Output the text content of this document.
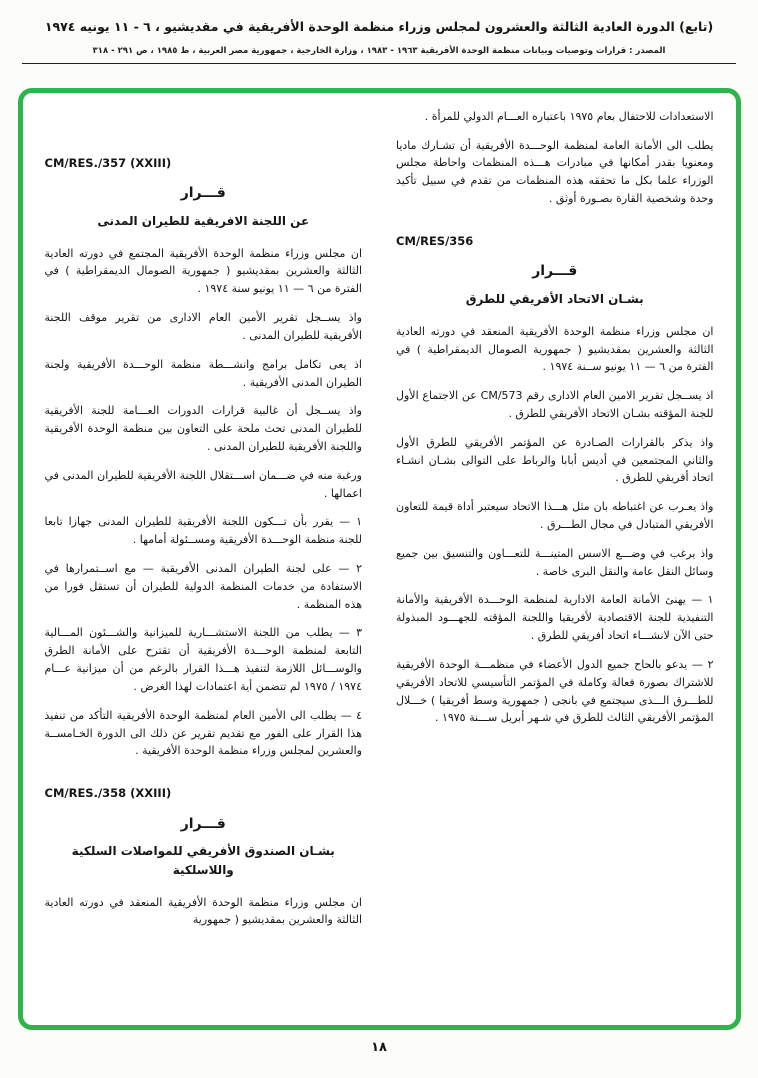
(تابع) الدورة العادية الثالثة والعشرون لمجلس وزراء منظمة الوحدة الأفريقية في مقديشيو ، ٦ - ١١ يونيه ١٩٧٤
المصدر : قرارات وتوصيات وبيانات منظمة الوحدة الأفريقية ١٩٦٣ - ١٩٨٣ ، وزارة الخارجية ، جمهورية مصر العربية ، ط ١٩٨٥ ، ص ٢٩١ - ٣١٨

الاستعدادات للاحتفال بعام ١٩٧٥ باعتباره العـــام الدولي للمرأة .

يطلب الى الأمانة العامة لمنظمة الوحـــدة الأفريقية أن تشـارك ماديا ومعنويا بقدر أمكانها في مبادرات هـــذه المنظمات واحاطة مجلس الوزراء علما بكل ما تحققه هذه المنظمات من تقدم في سبيل تأكيد وحدة وشخصية القارة بصـورة أوثق .

CM/RES/356
قـــرار
بشـان الاتحاد الأفريقي للطرق

ان مجلس وزراء منظمة الوحدة الأفريقية المنعقد في دورته العادية الثالثة والعشرين بمقديشيو ( جمهورية الصومال الديمقراطية ) في الفترة من ٦ — ١١ يونيو ســنة ١٩٧٤ .

اذ يســجل تقرير الامين العام الادارى رقم CM/573 عن الاجتماع الأول للجنة المؤقته بشـان الاتحاد الأفريقي للطرق .

واذ يذكر بالقرارات الصـادرة عن المؤتمر الأفريقي للطرق الأول والثاني المجتمعين في أديس أبابا والرباط على التوالى بشـان انشـاء اتحاد أفريقي للطرق .

واذ يعـرب عن اغتباطه بان مثل هـــذا الاتحاد سيعتبر أداة قيمة للتعاون الأفريقي المتبادل في مجال الطـــرق .

واذ يرغب في وضـــع الاسس المتينـــة للتعـــاون والتنسيق بين جميع وسائل النقل عامة والنقل البرى خاصة .

١ — يهنئ الأمانة العامة الادارية لمنظمة الوحـــدة الأفريقية والأمانة التنفيذية للجنة الاقتصادية لأفريقيا واللجنة المؤقته للجهـــود المبذولة حتى الآن لانشـــاء اتحاد أفريقي للطرق .

٢ — يدعو بالحاح جميع الدول الأعضاء في منظمـــة الوحدة الأفريقية للاشتراك بصورة فعالة وكاملة في المؤتمر التأسيسي للاتحاد الأفريقي للطـــرق الـــذى سيجتمع في بانجى ( جمهورية وسط أفريقيا ) خـــلال المؤتمر الأفريقي الثالث للطرق في شـهر أبريل ســـنة ١٩٧٥ .

CM/RES./357 (XXIII)
قـــرار
عن اللجنة الافريقية للطيران المدنى

ان مجلس وزراء منظمة الوحدة الأفريقية المجتمع في دورته العادية الثالثة والعشرين بمقديشيو ( جمهورية الصومال الديمقراطية ) في الفترة من ٦ — ١١ يونيو سنة ١٩٧٤ .

واذ يســجل تقرير الأمين العام الادارى من تقرير موقف اللجنة الأفريقية للطيران المدنى .

اذ يعى تكامل برامج وانشـــطة منظمة الوحـــدة الأفريقية ولجنة الطيران المدنى الأفريقية .

واذ يســجل أن غالبية قرارات الدورات العـــامة للجنة الأفريقية للطيران المدنى تحث ملحة على التعاون بين منظمة الوحدة الأفريقية واللجنة الأفريقية للطيران المدنى .

ورغبة منه في ضـــمان اســـتقلال اللجنة الأفريقية للطيران المدنى في اعمالها .

١ — يقرر بأن تـــكون اللجنة الأفريقية للطيران المدنى جهازا تابعا للجنة منظمة الوحـــدة الأفريقية ومســئولة أمامها .

٢ — على لجنة الطيران المدنى الأفريقية — مع اســتمرارها في الاستفادة من خدمات المنظمة الدولية للطيران أن تستقل فورا من هذه المنظمة .

٣ — يطلب من اللجنة الاستشـــارية للميزانية والشـــئون المـــالية التابعة لمنظمة الوحـــدة الأفريقية أن تقترح على الأمانة الطرق والوســـائل اللازمة لتنفيذ هـــذا القرار بالرغم من أن ميزانية عـــام ١٩٧٤ / ١٩٧٥ لم تتضمن أية اعتمادات لهذا الغرض .

٤ — يطلب الى الأمين العام لمنظمة الوحدة الأفريقية التأكد من تنفيذ هذا القرار على الفور مع تقديم تقرير عن ذلك الى الدورة الخـامســة والعشرين لمجلس وزراء منظمة الوحدة الأفريقية .

CM/RES./358 (XXIII)
قـــرار
بشـان الصندوق الأفريقي للمواصلات السلكية واللاسلكية

ان مجلس وزراء منظمة الوحدة الأفريقية المنعقد في دورته العادية الثالثة والعشرين بمقديشيو ( جمهورية

١٨
